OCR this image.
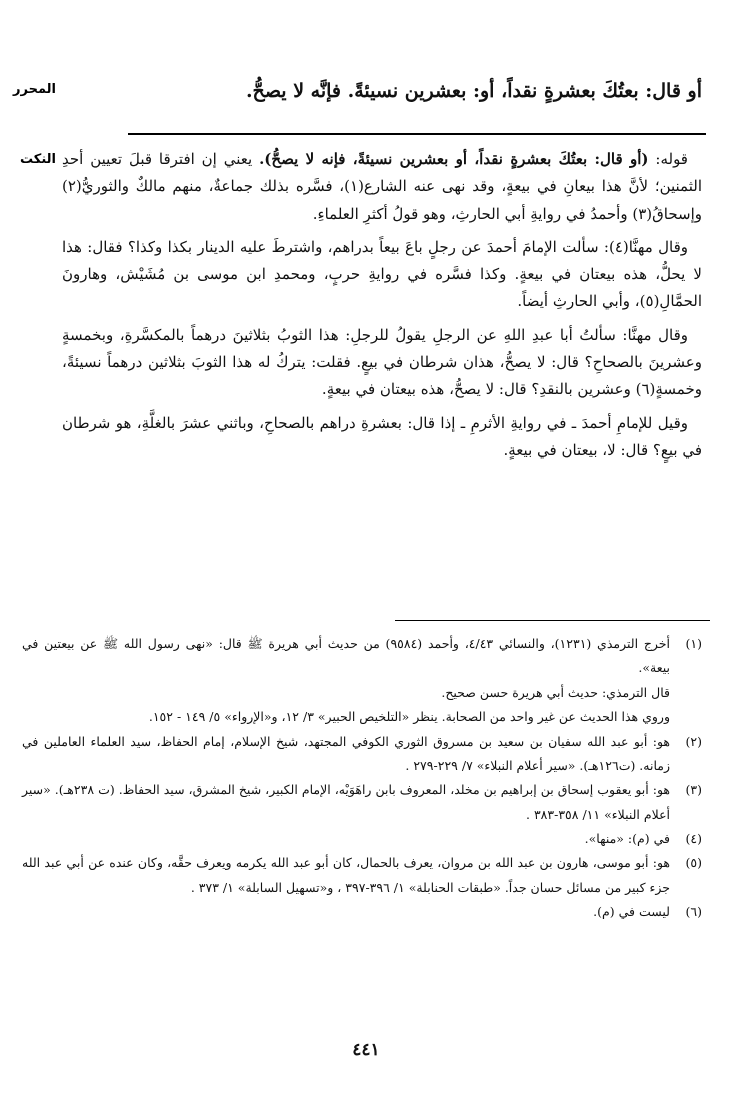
المحرر
النكت
أو قال: بعتُكَ بعشرةٍ نقداً، أو: بعشرين نسيئةً. فإنَّه لا يصحُّ.

قوله: (أو قال: بعتُكَ بعشرةٍ نقداً، أو بعشرين نسيئةً، فإنه لا يصحُّ). يعني إن افترقا قبلَ تعيين أحدِ الثمنين؛ لأنَّ هذا بيعانِ في بيعةٍ، وقد نهى عنه الشارع(١)، فسَّره بذلك جماعةٌ، منهم مالكٌ والثوريُّ(٢) وإسحاقُ(٣) وأحمدُ في روايةِ أبي الحارثِ، وهو قولُ أكثرِ العلماءِ.

وقال مهنَّا(٤): سألت الإمامَ أحمدَ عن رجلٍ باعَ بيعاً بدراهم، واشترطَ عليه الدينار بكذا وكذا؟ فقال: هذا لا يحلُّ، هذه بيعتان في بيعةٍ. وكذا فسَّره في روايةِ حربٍ، ومحمدِ ابن موسى بن مُشَيْش، وهارونَ الحمَّالِ(٥)، وأبي الحارثِ أيضاً.

وقال مهنَّا: سألتُ أبا عبدِ اللهِ عن الرجلِ يقولُ للرجلِ: هذا الثوبُ بثلاثينَ درهماً بالمكسَّرةِ، وبخمسةٍ وعشرينَ بالصحاحِ؟ قال: لا يصحُّ، هذان شرطان في بيعٍ. فقلت: يتركُ له هذا الثوبَ بثلاثين درهماً نسيئةً، وخمسةٍ(٦) وعشرين بالنقدِ؟ قال: لا يصحُّ، هذه بيعتان في بيعةٍ.

وقيل للإمامِ أحمدَ ـ في روايةِ الأثرمِ ـ إذا قال: بعشرةِ دراهم بالصحاحِ، وباثني عشرَ بالغلَّةِ، هو شرطان في بيعٍ؟ قال: لا، بيعتان في بيعةٍ.

(١)
أخرج الترمذي (١٢٣١)، والنسائي ٤/٤٣، وأحمد (٩٥٨٤) من حديث أبي هريرة ﷺ قال: «نهى رسول الله ﷺ عن بيعتين في بيعة».
قال الترمذي: حديث أبي هريرة حسن صحيح.
وروي هذا الحديث عن غير واحد من الصحابة. ينظر «التلخيص الحبير» ٣/ ١٢، و«الإرواء» ٥/ ١٤٩ - ١٥٢.
(٢)
هو: أبو عبد الله سفيان بن سعيد بن مسروق الثوري الكوفي المجتهد، شيخ الإسلام، إمام الحفاظ، سيد العلماء العاملين في زمانه. (ت١٢٦هـ). «سير أعلام النبلاء» ٧/ ٢٢٩-٢٧٩ .
(٣)
هو: أبو يعقوب إسحاق بن إبراهيم بن مخلد، المعروف بابن راهَوَيْه، الإمام الكبير، شيخ المشرق، سيد الحفاظ. (ت ٢٣٨هـ). «سير أعلام النبلاء» ١١/ ٣٥٨-٣٨٣ .
(٤)
في (م): «منها».
(٥)
هو: أبو موسى، هارون بن عبد الله بن مروان، يعرف بالحمال، كان أبو عبد الله يكرمه ويعرف حقَّه، وكان عنده عن أبي عبد الله جزء كبير من مسائل حسان جداً. «طبقات الحنابلة» ١/ ٣٩٦-٣٩٧ ، و«تسهيل السابلة» ١/ ٣٧٣ .
(٦)
ليست في (م).
٤٤١
